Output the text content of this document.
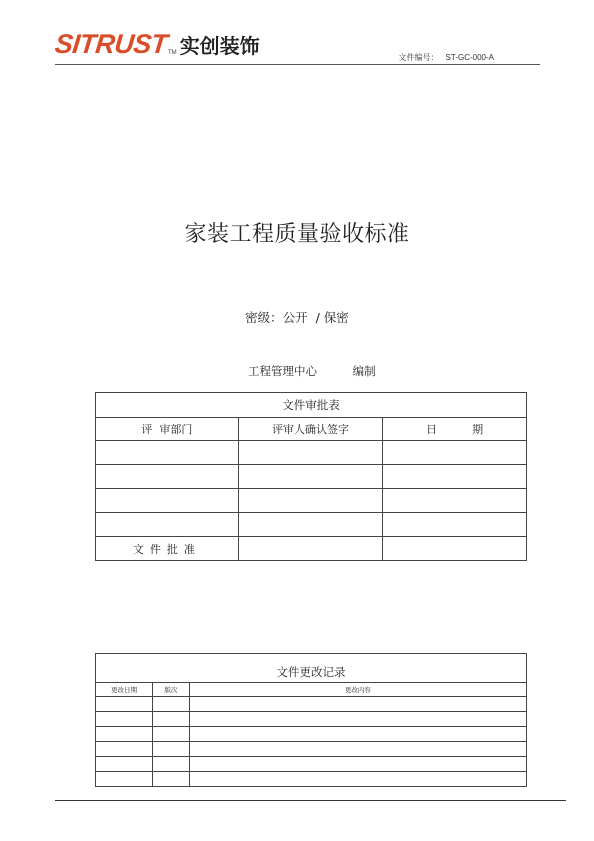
SITRUST TM 实创装饰	文件编号： ST-GC-000-A
家装工程质量验收标准
密级：公开  / 保密
工程管理中心	编制
文件审批表		
评  审部门	评审人确认签字	日          期

文件批准		
文件更改记录		
更改日期	版次	更改内容
